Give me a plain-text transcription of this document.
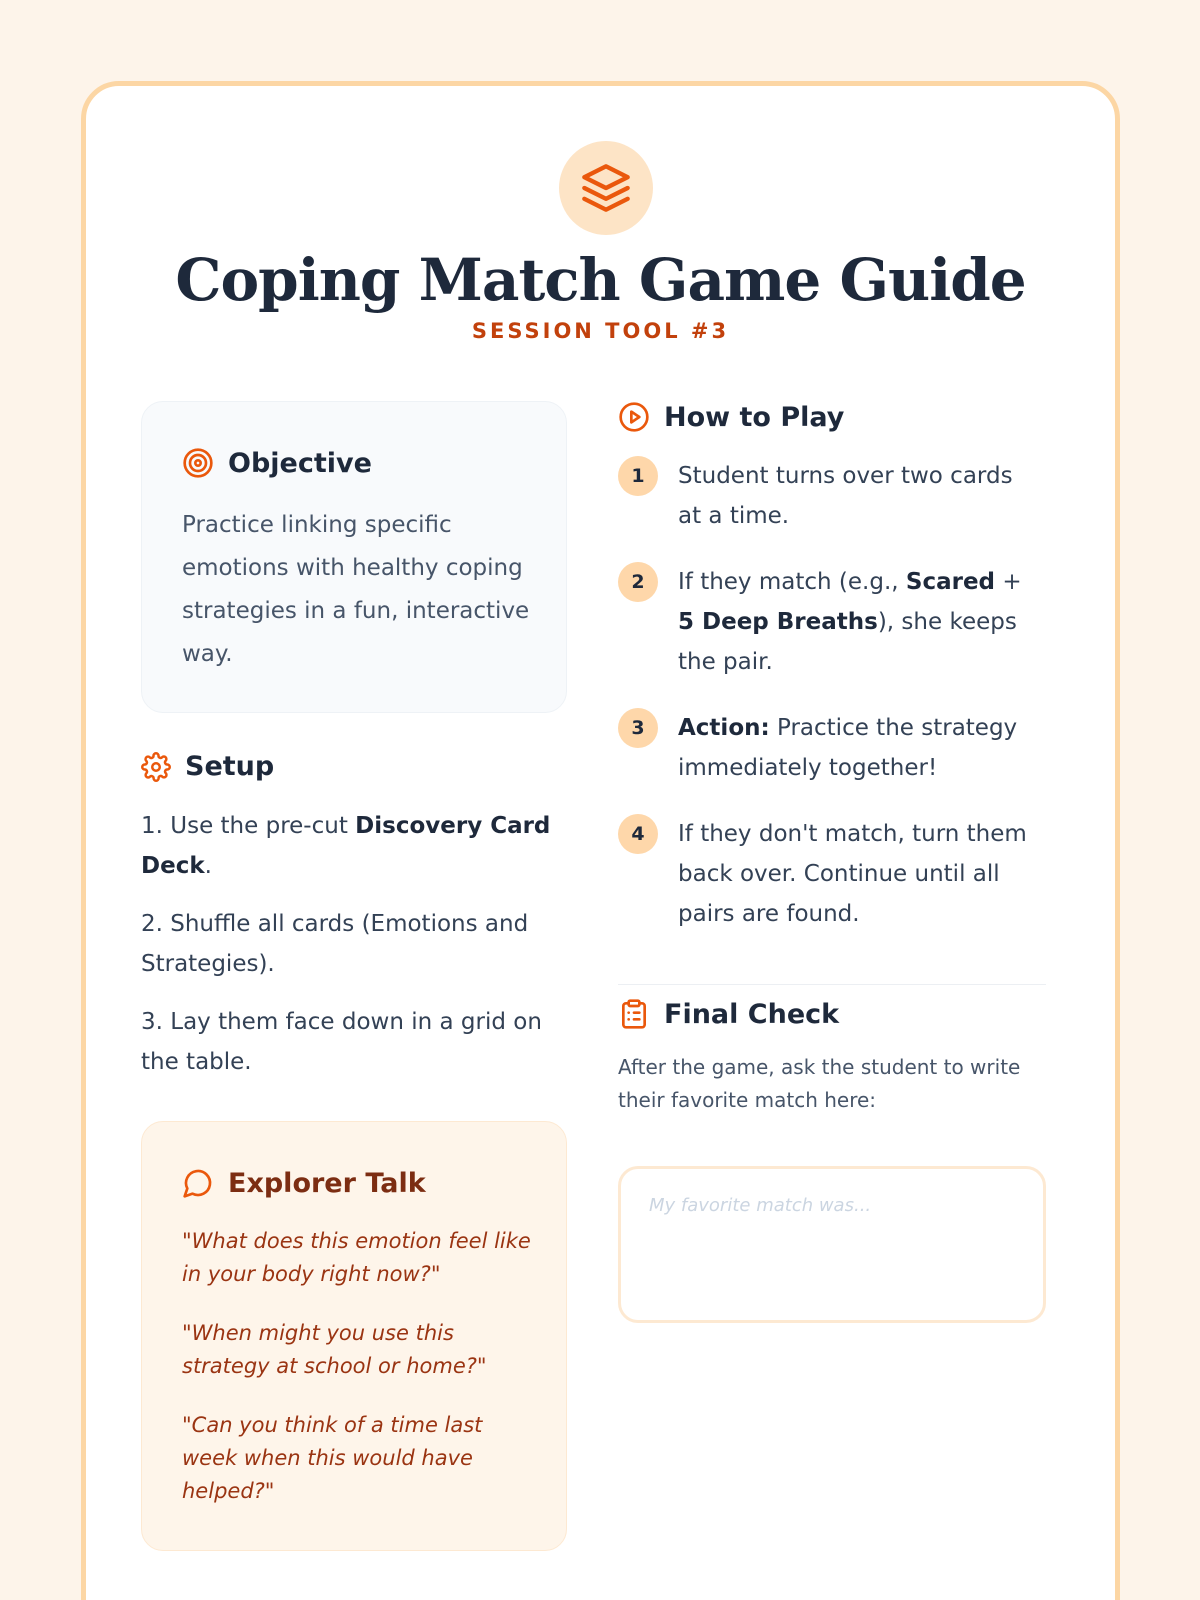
Coping Match Game Guide
SESSION TOOL #3
Objective

Practice linking specific emotions with healthy coping strategies in a fun, interactive way.

Setup

1. Use the pre-cut Discovery Card Deck.

2. Shuffle all cards (Emotions and Strategies).

3. Lay them face down in a grid on the table.

Explorer Talk

"What does this emotion feel like in your body right now?"

"When might you use this strategy at school or home?"

"Can you think of a time last week when this would have helped?"

How to Play
1	Student turns over two cards at a time.
2	If they match (e.g., Scared + 5 Deep Breaths), she keeps the pair.
3	Action: Practice the strategy immediately together!
4	If they don't match, turn them back over. Continue until all pairs are found.
Final Check

After the game, ask the student to write their favorite match here:

My favorite match was...
